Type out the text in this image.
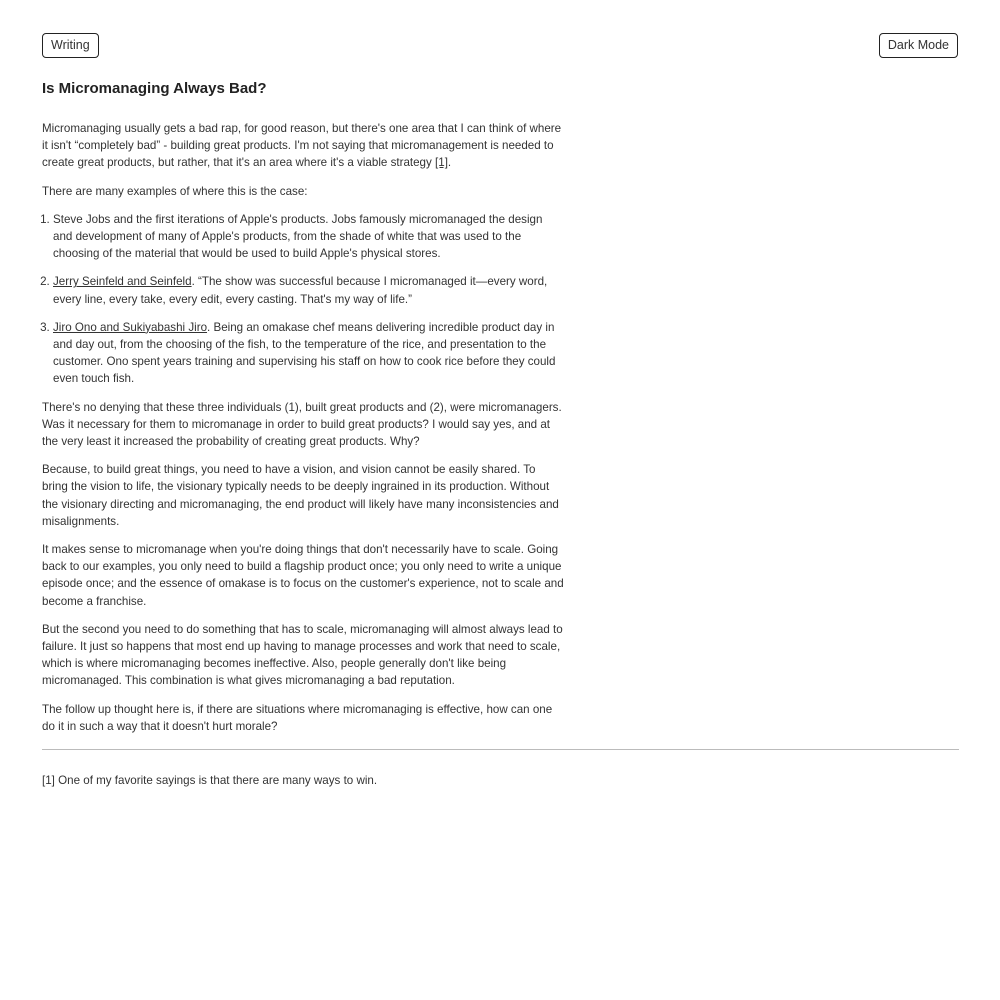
Writing	Dark Mode
Is Micromanaging Always Bad?

Micromanaging usually gets a bad rap, for good reason, but there's one area that I can think of where it isn't “completely bad” - building great products. I'm not saying that micromanagement is needed to create great products, but rather, that it's an area where it's a viable strategy [1].

There are many examples of where this is the case:

1. Steve Jobs and the first iterations of Apple's products. Jobs famously micromanaged the design and development of many of Apple's products, from the shade of white that was used to the choosing of the material that would be used to build Apple's physical stores.
2. Jerry Seinfeld and Seinfeld. “The show was successful because I micromanaged it—every word, every line, every take, every edit, every casting. That's my way of life.”
3. Jiro Ono and Sukiyabashi Jiro. Being an omakase chef means delivering incredible product day in and day out, from the choosing of the fish, to the temperature of the rice, and presentation to the customer. Ono spent years training and supervising his staff on how to cook rice before they could even touch fish.

There's no denying that these three individuals (1), built great products and (2), were micromanagers. Was it necessary for them to micromanage in order to build great products? I would say yes, and at the very least it increased the probability of creating great products. Why?

Because, to build great things, you need to have a vision, and vision cannot be easily shared. To bring the vision to life, the visionary typically needs to be deeply ingrained in its production. Without the visionary directing and micromanaging, the end product will likely have many inconsistencies and misalignments.

It makes sense to micromanage when you're doing things that don't necessarily have to scale. Going back to our examples, you only need to build a flagship product once; you only need to write a unique episode once; and the essence of omakase is to focus on the customer's experience, not to scale and become a franchise.

But the second you need to do something that has to scale, micromanaging will almost always lead to failure. It just so happens that most end up having to manage processes and work that need to scale, which is where micromanaging becomes ineffective. Also, people generally don't like being micromanaged. This combination is what gives micromanaging a bad reputation.

The follow up thought here is, if there are situations where micromanaging is effective, how can one do it in such a way that it doesn't hurt morale?

[1] One of my favorite sayings is that there are many ways to win.
